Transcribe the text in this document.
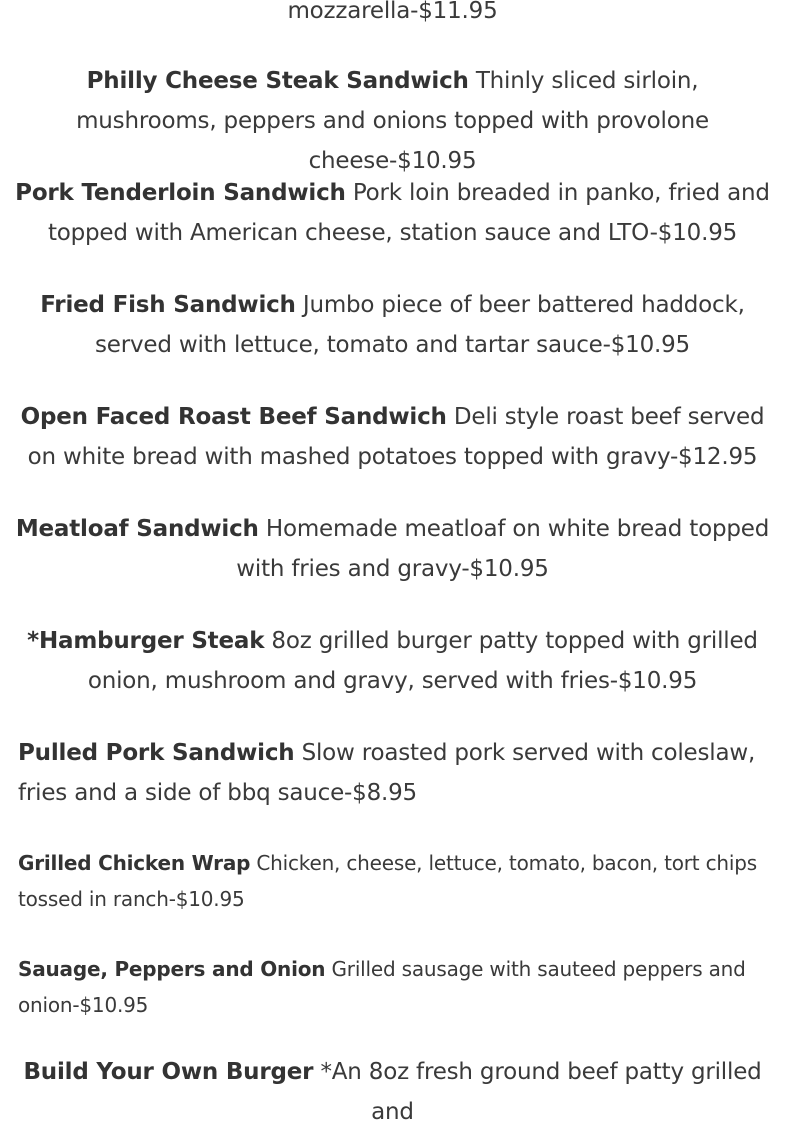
mozzarella-$11.95

Philly Cheese Steak Sandwich Thinly sliced sirloin, mushrooms, peppers and onions topped with provolone cheese-$10.95

Pork Tenderloin Sandwich Pork loin breaded in panko, fried and topped with American cheese, station sauce and LTO-$10.95

Fried Fish Sandwich Jumbo piece of beer battered haddock, served with lettuce, tomato and tartar sauce-$10.95

Open Faced Roast Beef Sandwich Deli style roast beef served on white bread with mashed potatoes topped with gravy-$12.95

Meatloaf Sandwich Homemade meatloaf on white bread topped with fries and gravy-$10.95

*Hamburger Steak 8oz grilled burger patty topped with grilled onion, mushroom and gravy, served with fries-$10.95

Pulled Pork Sandwich Slow roasted pork served with coleslaw, fries and a side of bbq sauce-$8.95

Grilled Chicken Wrap Chicken, cheese, lettuce, tomato, bacon, tort chips tossed in ranch-$10.95

Sauage, Peppers and Onion Grilled sausage with sauteed peppers and onion-$10.95

Build Your Own Burger *An 8oz fresh ground beef patty grilled and
